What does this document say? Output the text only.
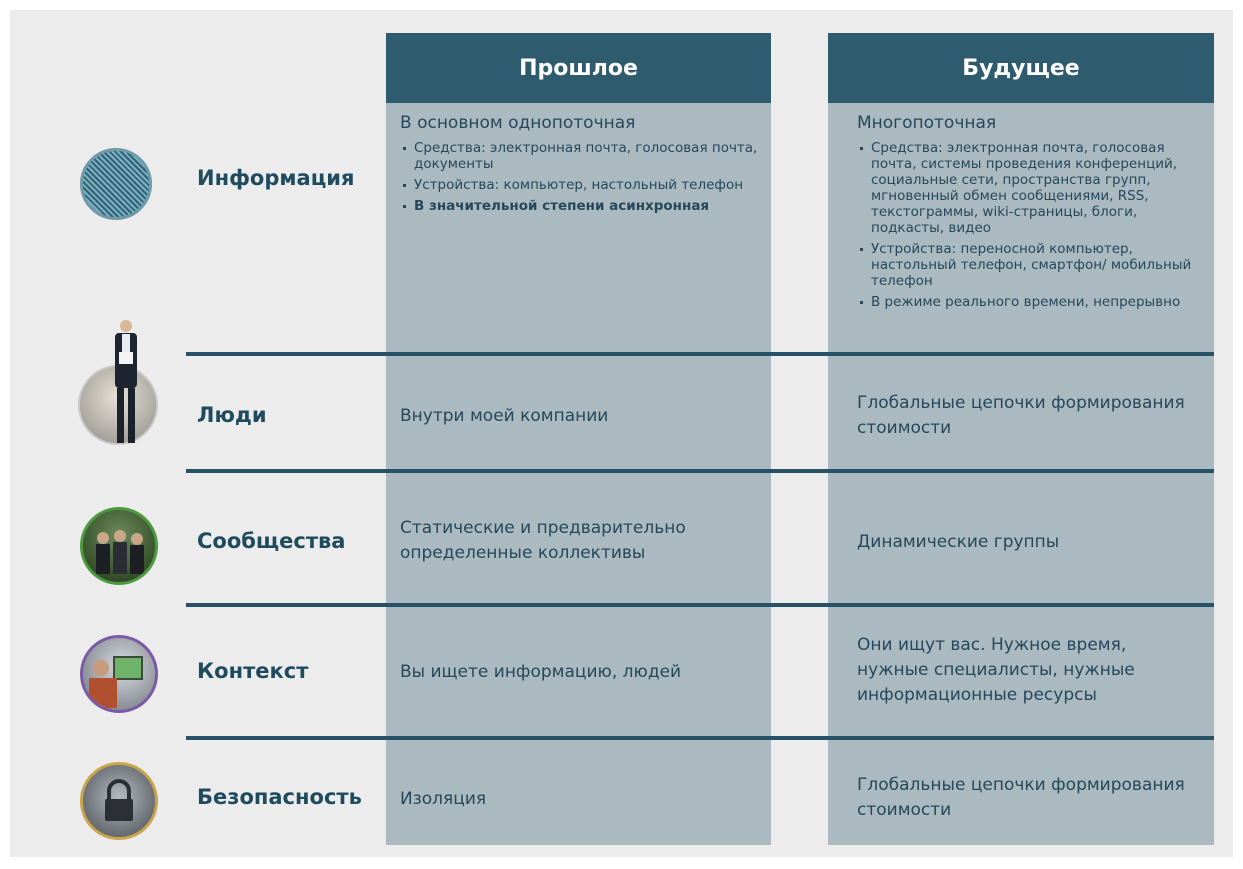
Прошлое	Будущее
Информация
Люди
Сообщества
Контекст
Безопасность
В основном однопоточная
Средства: электронная почта, голосовая почта, документы
Устройства: компьютер, настольный телефон
В значительной степени асинхронная
Многопоточная
Средства: электронная почта, голосовая почта, системы проведения конференций, социальные сети, пространства групп, мгновенный обмен сообщениями, RSS, текстограммы, wiki-страницы, блоги, подкасты, видео
Устройства: переносной компьютер, настольный телефон, смартфон/ мобильный телефон
В режиме реального времени, непрерывно
Внутри моей компании
Глобальные цепочки формирования стоимости
Статические и предварительно определенные коллективы
Динамические группы
Вы ищете информацию, людей
Они ищут вас. Нужное время, нужные специалисты, нужные информационные ресурсы
Изоляция
Глобальные цепочки формирования стоимости
